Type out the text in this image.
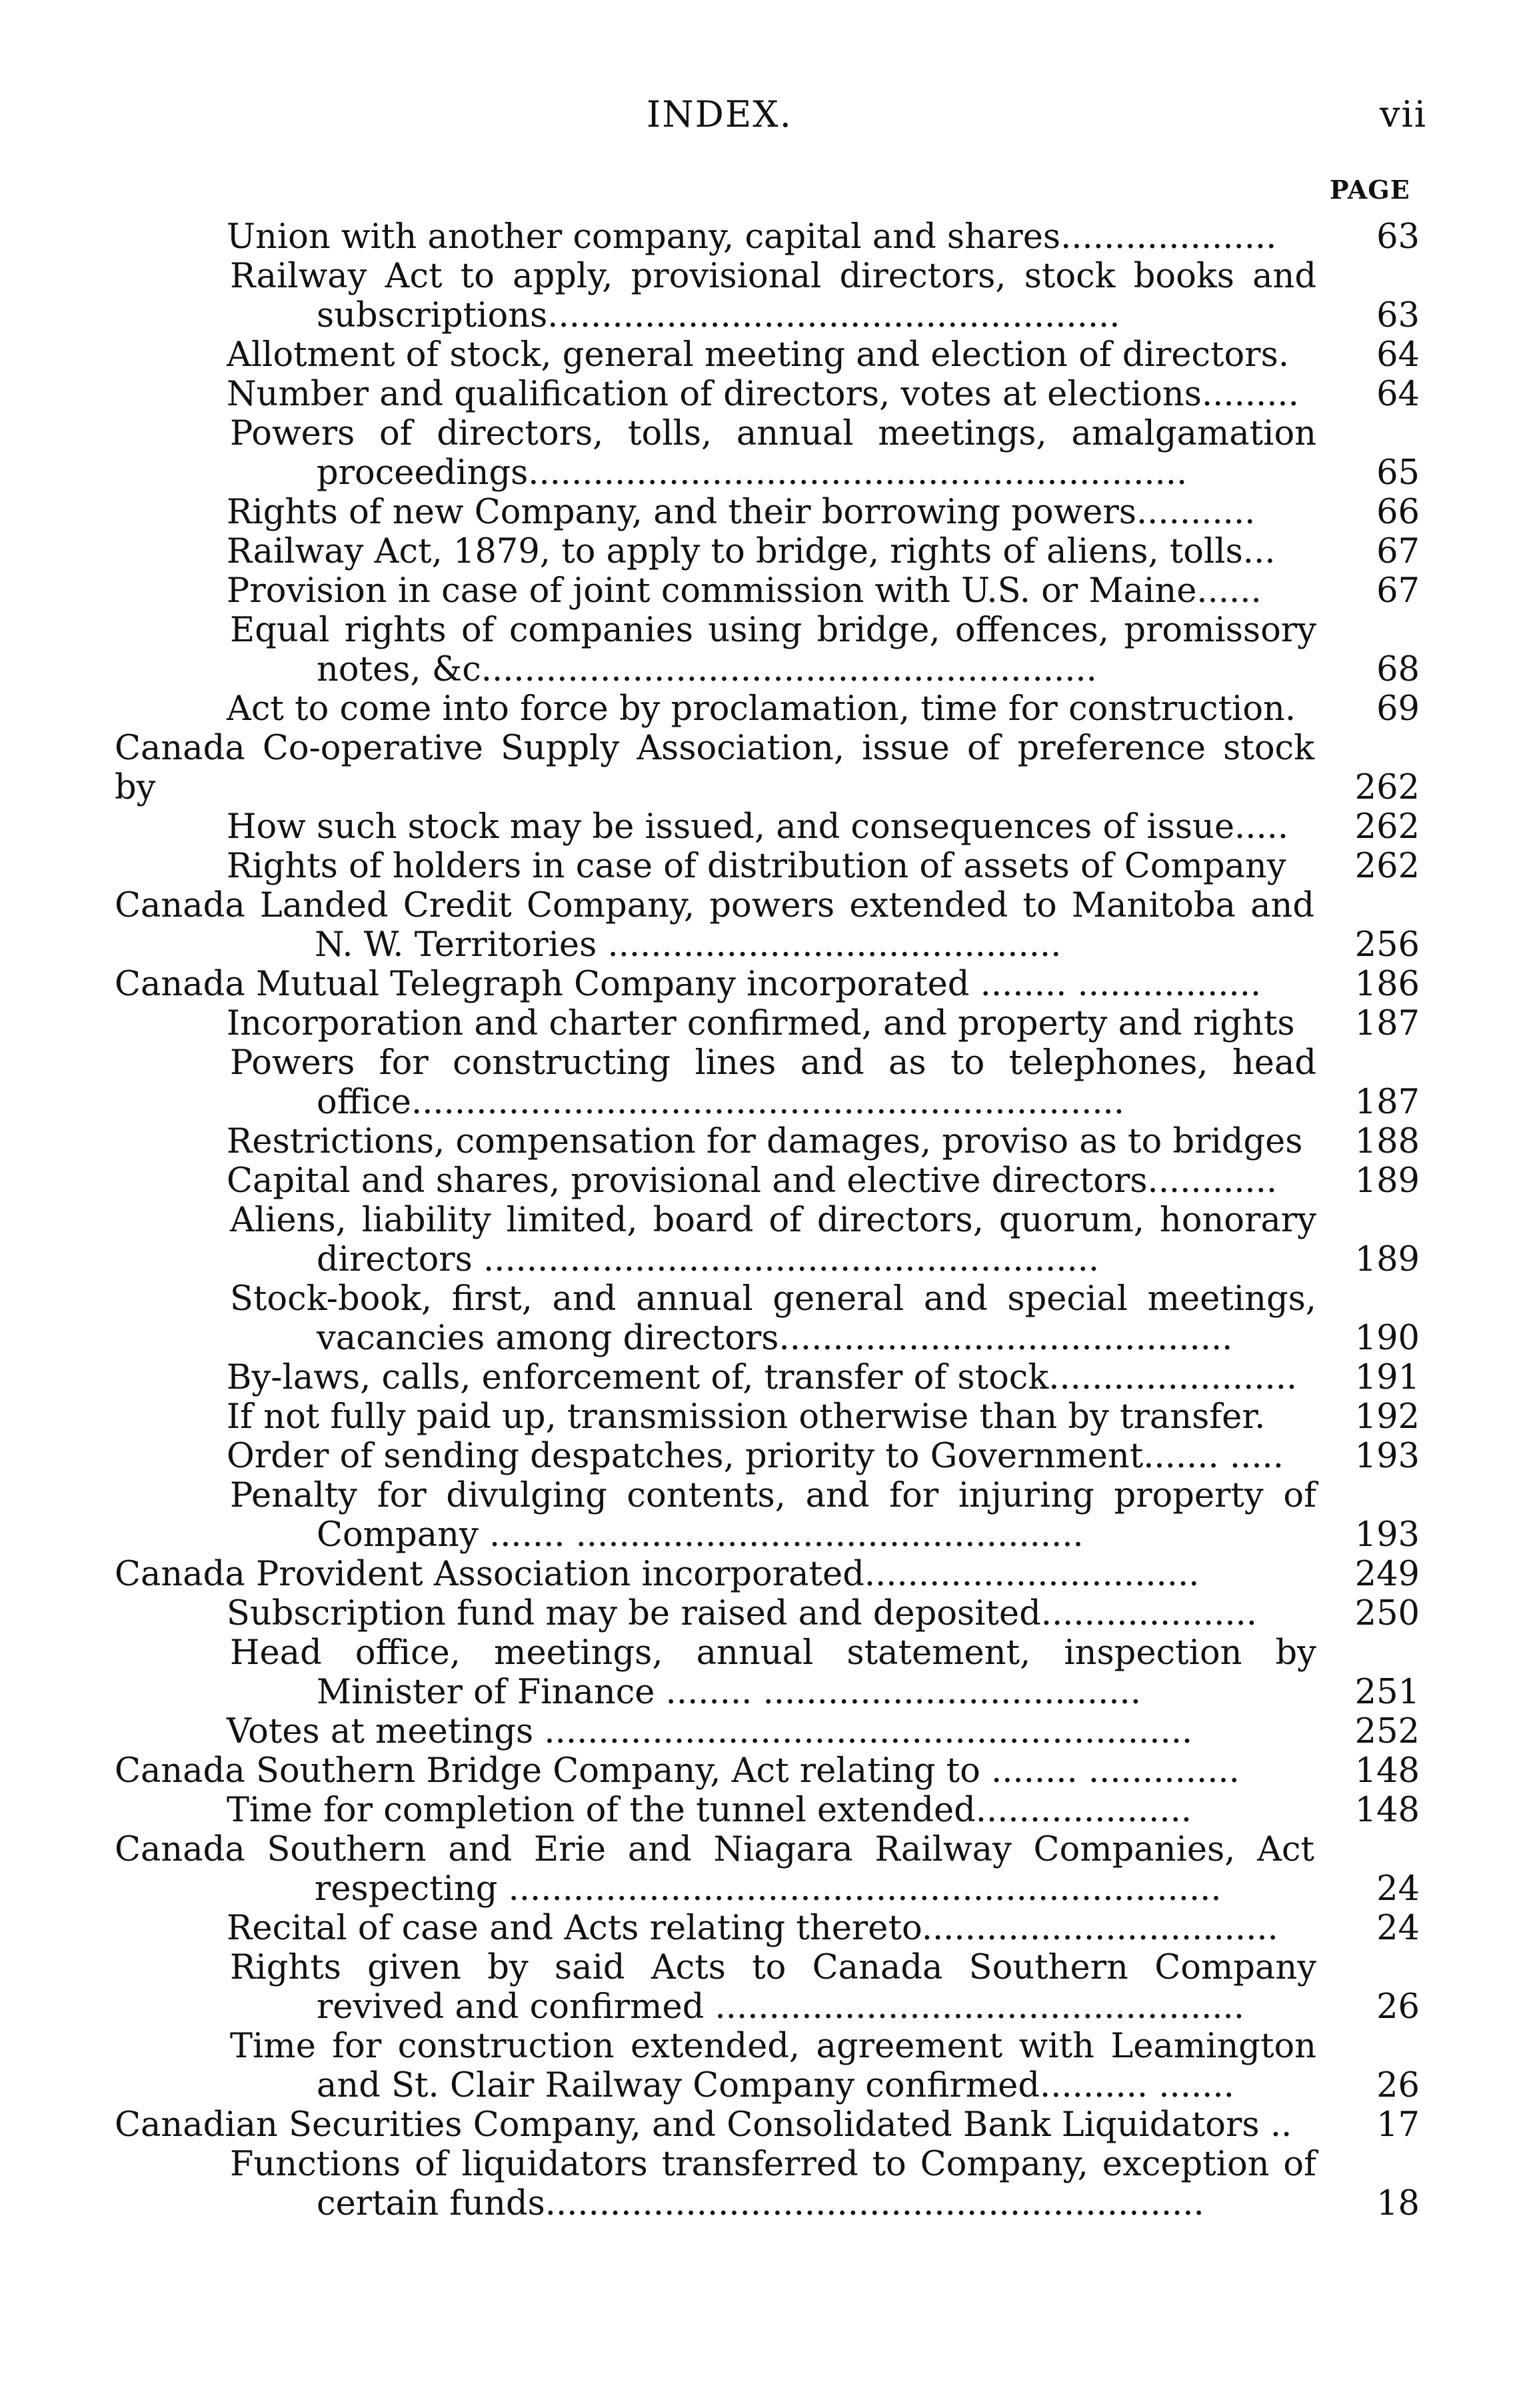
INDEX.	vii
PAGE
Union with another company, capital and shares....................	63
Railway Act to apply, provisional directors, stock books and subscriptions.....................................................	63
Allotment of stock, general meeting and election of directors.	64
Number and qualification of directors, votes at elections.........	64
Powers of directors, tolls, annual meetings, amalgamation proceedings.............................................................	65
Rights of new Company, and their borrowing powers...........	66
Railway Act, 1879, to apply to bridge, rights of aliens, tolls...	67
Provision in case of joint commission with U.S. or Maine......	67
Equal rights of companies using bridge, offences, promissory notes, &c.........................................................	68
Act to come into force by proclamation, time for construction.	69
Canada Co-operative Supply Association, issue of preference stock by	262
How such stock may be issued, and consequences of issue.....	262
Rights of holders in case of distribution of assets of Company	262
Canada Landed Credit Company, powers extended to Manitoba and N. W. Territories ..........................................	256
Canada Mutual Telegraph Company incorporated ........ .................	186
Incorporation and charter confirmed, and property and rights	187
Powers for constructing lines and as to telephones, head office..................................................................	187
Restrictions, compensation for damages, proviso as to bridges	188
Capital and shares, provisional and elective directors............	189
Aliens, liability limited, board of directors, quorum, honorary directors .........................................................	189
Stock-book, first, and annual general and special meetings, vacancies among directors..........................................	190
By-laws, calls, enforcement of, transfer of stock.......................	191
If not fully paid up, transmission otherwise than by transfer.	192
Order of sending despatches, priority to Government....... .....	193
Penalty for divulging contents, and for injuring property of Company ....... ...............................................	193
Canada Provident Association incorporated...............................	249
Subscription fund may be raised and deposited....................	250
Head office, meetings, annual statement, inspection by Minister of Finance ........ ...................................	251
Votes at meetings ............................................................	252
Canada Southern Bridge Company, Act relating to ........ ..............	148
Time for completion of the tunnel extended....................	148
Canada Southern and Erie and Niagara Railway Companies, Act respecting ..................................................................	24
Recital of case and Acts relating thereto.................................	24
Rights given by said Acts to Canada Southern Company revived and confirmed .................................................	26
Time for construction extended, agreement with Leamington and St. Clair Railway Company confirmed.......... .......	26
Canadian Securities Company, and Consolidated Bank Liquidators ..	17
Functions of liquidators transferred to Company, exception of certain funds.............................................................	18
